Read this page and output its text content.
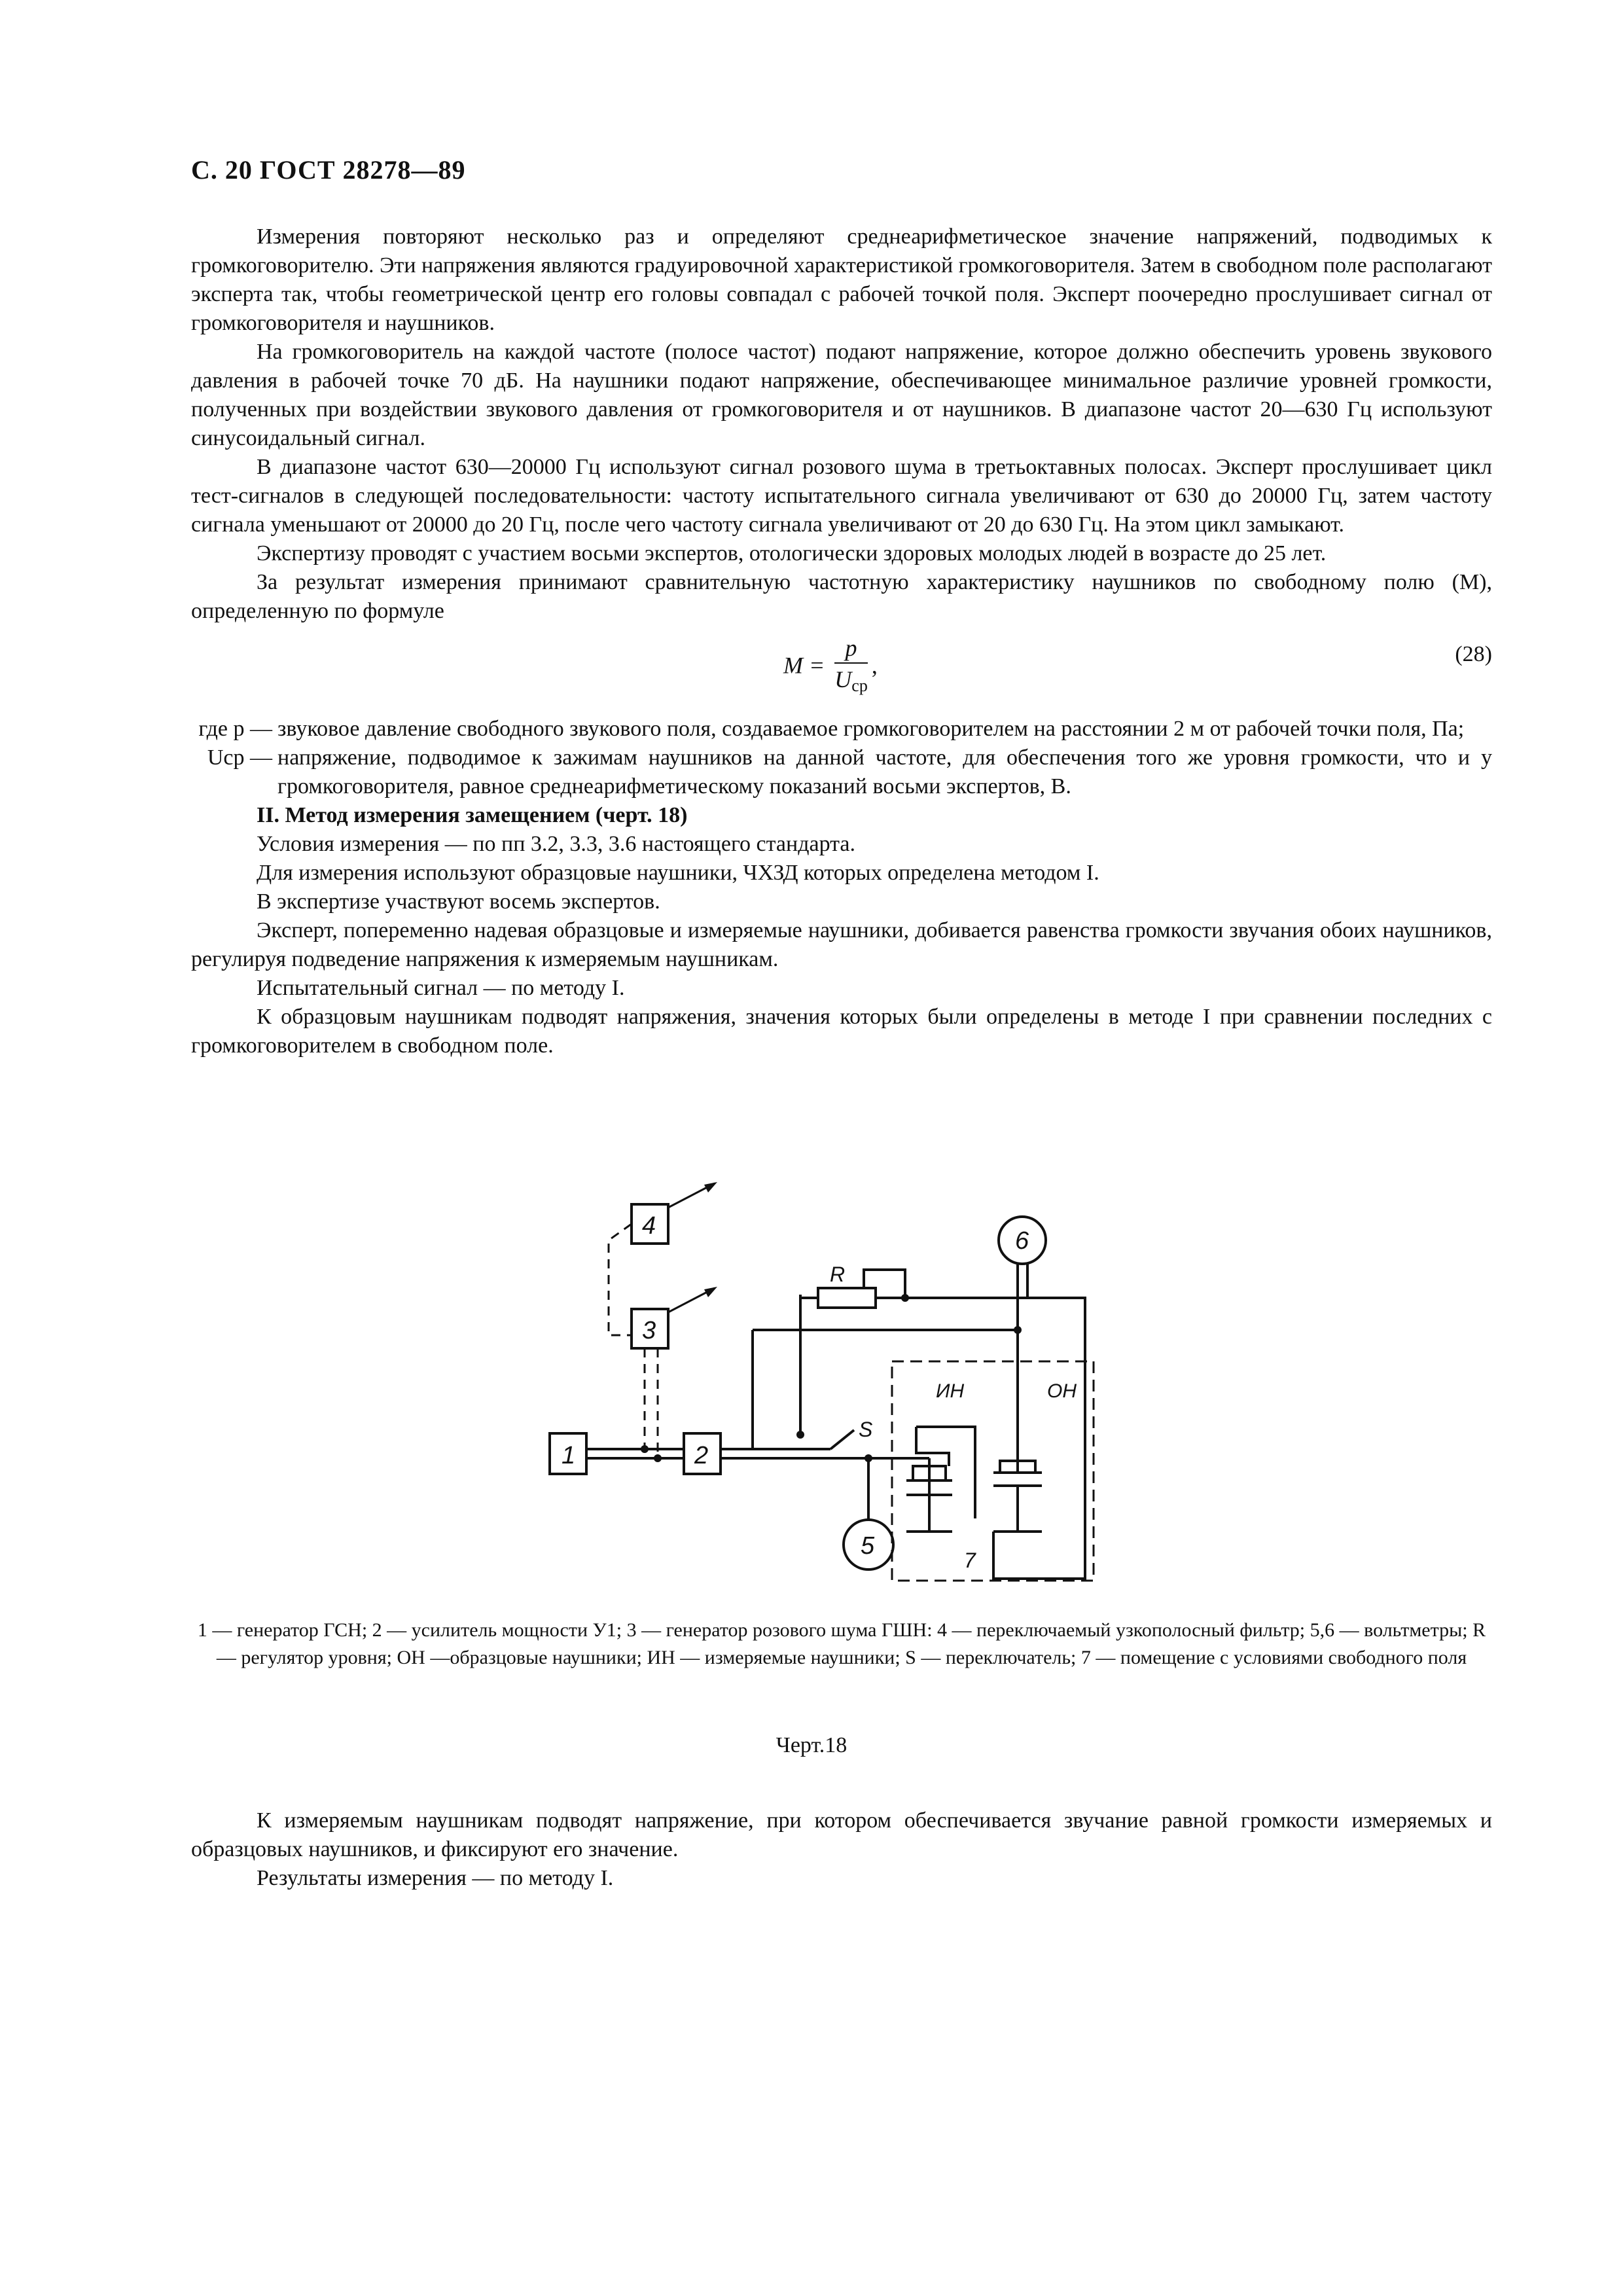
С. 20 ГОСТ 28278—89

Измерения повторяют несколько раз и определяют среднеарифметическое значение напряжений, подводимых к громкоговорителю. Эти напряжения являются градуировочной характеристикой громкоговорителя. Затем в свободном поле располагают эксперта так, чтобы геометрической центр его головы совпадал с рабочей точкой поля. Эксперт поочередно прослушивает сигнал от громкоговорителя и наушников.

На громкоговоритель на каждой частоте (полосе частот) подают напряжение, которое должно обеспечить уровень звукового давления в рабочей точке 70 дБ. На наушники подают напряжение, обеспечивающее минимальное различие уровней громкости, полученных при воздействии звукового давления от громкоговорителя и от наушников. В диапазоне частот 20—630 Гц используют синусоидальный сигнал.

В диапазоне частот 630—20000 Гц используют сигнал розового шума в третьоктавных полосах. Эксперт прослушивает цикл тест-сигналов в следующей последовательности: частоту испытательного сигнала увеличивают от 630 до 20000 Гц, затем частоту сигнала уменьшают от 20000 до 20 Гц, после чего частоту сигнала увеличивают от 20 до 630 Гц. На этом цикл замыкают.

Экспертизу проводят с участием восьми экспертов, отологически здоровых молодых людей в возрасте до 25 лет.

За результат измерения принимают сравнительную частотную характеристику наушников по свободному полю (М), определенную по формуле

$M = \frac{p}{U_{ср}}$ ,	(28)
где p — звуковое давление свободного звукового поля, создаваемое громкоговорителем на расстоянии 2 м от рабочей точки поля, Па;
Uср — напряжение, подводимое к зажимам наушников на данной частоте, для обеспечения того же уровня громкости, что и у громкоговорителя, равное среднеарифметическому показаний восьми экспертов, В.

II. Метод измерения замещением (черт. 18)

Условия измерения — по пп 3.2, 3.3, 3.6 настоящего стандарта.

Для измерения используют образцовые наушники, ЧХЗД которых определена методом I.

В экспертизе участвуют восемь экспертов.

Эксперт, попеременно надевая образцовые и измеряемые наушники, добивается равенства громкости звучания обоих наушников, регулируя подведение напряжения к измеряемым наушникам.

Испытательный сигнал — по методу I.

К образцовым наушникам подводят напряжения, значения которых были определены в методе I при сравнении последних с громкоговорителем в свободном поле.

4
3
1	2
5
6
R
S
ИН	ОН
7
1 — генератор ГСН; 2 — усилитель мощности У1; 3 — генератор розового шума ГШН: 4 — переключаемый узкополосный фильтр; 5,6 — вольтметры; R — регулятор уровня; ОН —образцовые наушники; ИН — измеряемые наушники; S — переключатель; 7 — помещение с условиями свободного поля
Черт.18

К измеряемым наушникам подводят напряжение, при котором обеспечивается звучание равной громкости измеряемых и образцовых наушников, и фиксируют его значение.

Результаты измерения — по методу I.
